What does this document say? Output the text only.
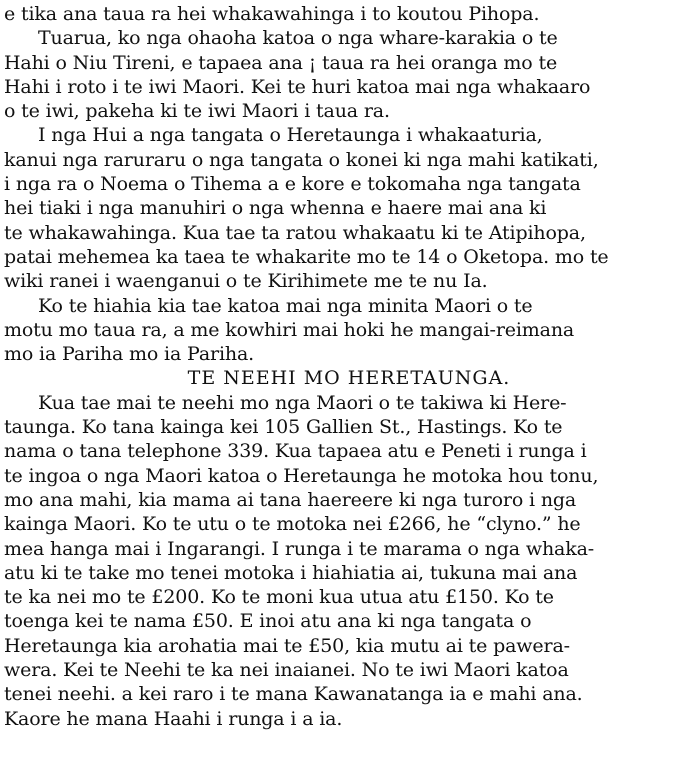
e tika ana taua ra hei whakawahinga i to koutou Pihopa.
Tuarua, ko nga ohaoha katoa o nga whare-karakia o te
Hahi o Niu Tireni, e tapaea ana ¡ taua ra hei oranga mo te
Hahi i roto i te iwi Maori. Kei te huri katoa mai nga whakaaro
o te iwi, pakeha ki te iwi Maori i taua ra.
I nga Hui a nga tangata o Heretaunga i whakaaturia,
kanui nga raruraru o nga tangata o konei ki nga mahi katikati,
i nga ra o Noema o Tihema a e kore e tokomaha nga tangata
hei tiaki i nga manuhiri o nga whenna e haere mai ana ki
te whakawahinga. Kua tae ta ratou whakaatu ki te Atipihopa,
patai mehemea ka taea te whakarite mo te 14 o Oketopa. mo te
wiki ranei i waenganui o te Kirihimete me te nu Ia.
Ko te hiahia kia tae katoa mai nga minita Maori o te
motu mo taua ra, a me kowhiri mai hoki he mangai-reimana
mo ia Pariha mo ia Pariha.
TE NEEHI MO HERETAUNGA.
Kua tae mai te neehi mo nga Maori o te takiwa ki Here-
taunga. Ko tana kainga kei 105 Gallien St., Hastings. Ko te
nama o tana telephone 339. Kua tapaea atu e Peneti i runga i
te ingoa o nga Maori katoa o Heretaunga he motoka hou tonu,
mo ana mahi, kia mama ai tana haereere ki nga turoro i nga
kainga Maori. Ko te utu o te motoka nei £266, he “clyno.” he
mea hanga mai i Ingarangi. I runga i te marama o nga whaka-
atu ki te take mo tenei motoka i hiahiatia ai, tukuna mai ana
te ka nei mo te £200. Ko te moni kua utua atu £150. Ko te
toenga kei te nama £50. E inoi atu ana ki nga tangata o
Heretaunga kia arohatia mai te £50, kia mutu ai te pawera-
wera. Kei te Neehi te ka nei inaianei. No te iwi Maori katoa
tenei neehi. a kei raro i te mana Kawanatanga ia e mahi ana.
Kaore he mana Haahi i runga i a ia.
